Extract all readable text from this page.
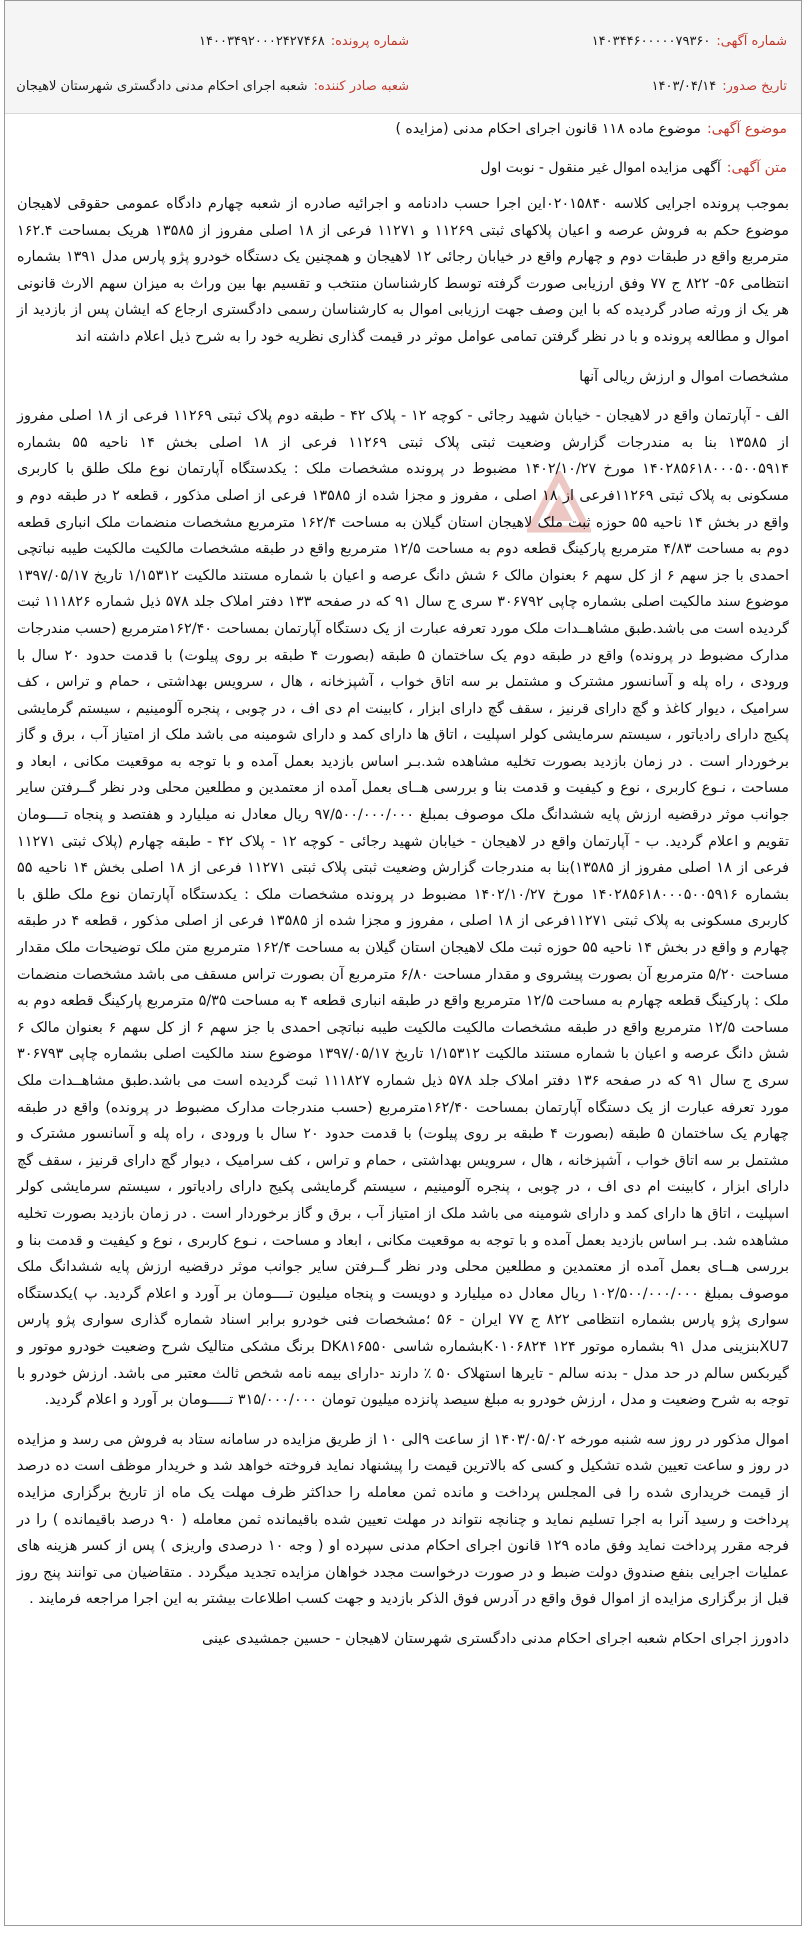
شماره آگهی:۱۴۰۳۴۴۶۰۰۰۰۰۷۹۳۶۰
شماره پرونده:۱۴۰۰۳۴۹۲۰۰۰۲۴۲۷۴۶۸
تاریخ صدور:۱۴۰۳/۰۴/۱۴
شعبه صادر کننده:شعبه اجرای احکام مدنی دادگستری شهرستان لاهیجان
موضوع آگهی:موضوع ماده ۱۱۸ قانون اجرای احکام مدنی (مزایده )
متن آگهی:آگهی مزایده اموال غیر منقول - نوبت اول

بموجب پرونده اجرایی کلاسه ۰۲۰۱۵۸۴۰این اجرا حسب دادنامه و اجرائیه صادره از شعبه چهارم دادگاه عمومی حقوقی لاهیجان موضوع حکم به فروش عرصه و اعیان پلاکهای ثبتی ۱۱۲۶۹ و ۱۱۲۷۱ فرعی از ۱۸ اصلی مفروز از ۱۳۵۸۵ هریک بمساحت ۱۶۲.۴ مترمربع واقع در طبقات دوم و چهارم واقع در خیابان رجائی ۱۲ لاهیجان و همچنین یک دستگاه خودرو پژو پارس مدل ۱۳۹۱ بشماره انتظامی ۵۶- ۸۲۲ ج ۷۷ وفق ارزیابی صورت گرفته توسط کارشناسان منتخب و تقسیم بها بین وراث به میزان سهم الارث قانونی هر یک از ورثه صادر گردیده که با این وصف جهت ارزیابی اموال به کارشناسان رسمی دادگستری ارجاع که ایشان پس از بازدید از اموال و مطالعه پرونده و با در نظر گرفتن تمامی عوامل موثر در قیمت گذاری نظریه خود را به شرح ذیل اعلام داشته اند

مشخصات اموال و ارزش ریالی آنها

الف - آپارتمان واقع در لاهیجان - خیابان شهید رجائی - کوچه ۱۲ - پلاک ۴۲ - طبقه دوم پلاک ثبتی ۱۱۲۶۹ فرعی از ۱۸ اصلی مفروز از ۱۳۵۸۵ بنا به مندرجات گزارش وضعیت ثبتی پلاک ثبتی ۱۱۲۶۹ فرعی از ۱۸ اصلی بخش ۱۴ ناحیه ۵۵ بشماره ۱۴۰۲۸۵۶۱۸۰۰۰۵۰۰۵۹۱۴ مورخ ۱۴۰۲/۱۰/۲۷ مضبوط در پرونده مشخصات ملک : یکدستگاه آپارتمان نوع ملک طلق با کاربری مسکونی به پلاک ثبتی ۱۱۲۶۹فرعی از ۱۸ اصلی ، مفروز و مجزا شده از ۱۳۵۸۵ فرعی از اصلی مذکور ، قطعه ۲ در طبقه دوم و واقع در بخش ۱۴ ناحیه ۵۵ حوزه ثبت ملک لاهیجان استان گیلان به مساحت ۱۶۲/۴ مترمربع مشخصات منضمات ملک انباری قطعه دوم به مساحت ۴/۸۳ مترمربع پارکینگ قطعه دوم به مساحت ۱۲/۵ مترمربع واقع در طبقه مشخصات مالکیت مالکیت طیبه نباتچی احمدی با جز سهم ۶ از کل سهم ۶ بعنوان مالک ۶ شش دانگ عرصه و اعیان با شماره مستند مالکیت ۱/۱۵۳۱۲ تاریخ ۱۳۹۷/۰۵/۱۷ موضوع سند مالکیت اصلی بشماره چاپی ۳۰۶۷۹۲ سری ج سال ۹۱ که در صفحه ۱۳۳ دفتر املاک جلد ۵۷۸ ذیل شماره ۱۱۱۸۲۶ ثبت گردیده است می باشد.طبق مشاهــدات ملک مورد تعرفه عبارت از یک دستگاه آپارتمان بمساحت ۱۶۲/۴۰مترمربع (حسب مندرجات مدارک مضبوط در پرونده) واقع در طبقه دوم یک ساختمان ۵ طبقه (بصورت ۴ طبقه بر روی پیلوت) با قدمت حدود ۲۰ سال با ورودی ، راه پله و آسانسور مشترک و مشتمل بر سه اتاق خواب ، آشپزخانه ، هال ، سرویس بهداشتی ، حمام و تراس ، کف سرامیک ، دیوار کاغذ و گچ دارای قرنیز ، سقف گچ دارای ابزار ، کابینت ام دی اف ، در چوبی ، پنجره آلومینیم ، سیستم گرمایشی پکیج دارای رادیاتور ، سیستم سرمایشی کولر اسپلیت ، اتاق ها دارای کمد و دارای شومینه می باشد ملک از امتیاز آب ، برق و گاز برخوردار است . در زمان بازدید بصورت تخلیه مشاهده شد.بـر اساس بازدید بعمل آمده و با توجه به موقعیت مکانی ، ابعاد و مساحت ، نـوع کاربری ، نوع و کیفیت و قدمت بنا و بررسی هــای بعمل آمده از معتمدین و مطلعین محلی ودر نظر گــرفتن سایر جوانب موثر درقضیه ارزش پایه ششدانگ ملک موصوف بمبلغ ۹۷/۵۰۰/۰۰۰/۰۰۰ ریال معادل نه میلیارد و هفتصد و پنجاه تــــومان تقویم و اعلام گردید. ب - آپارتمان واقع در لاهیجان - خیابان شهید رجائی - کوچه ۱۲ - پلاک ۴۲ - طبقه چهارم (پلاک ثبتی ۱۱۲۷۱ فرعی از ۱۸ اصلی مفروز از ۱۳۵۸۵)بنا به مندرجات گزارش وضعیت ثبتی پلاک ثبتی ۱۱۲۷۱ فرعی از ۱۸ اصلی بخش ۱۴ ناحیه ۵۵ بشماره ۱۴۰۲۸۵۶۱۸۰۰۰۵۰۰۵۹۱۶ مورخ ۱۴۰۲/۱۰/۲۷ مضبوط در پرونده مشخصات ملک : یکدستگاه آپارتمان نوع ملک طلق با کاربری مسکونی به پلاک ثبتی ۱۱۲۷۱فرعی از ۱۸ اصلی ، مفروز و مجزا شده از ۱۳۵۸۵ فرعی از اصلی مذکور ، قطعه ۴ در طبقه چهارم و واقع در بخش ۱۴ ناحیه ۵۵ حوزه ثبت ملک لاهیجان استان گیلان به مساحت ۱۶۲/۴ مترمربع متن ملک توضیحات ملک مقدار مساحت ۵/۲۰ مترمربع آن بصورت پیشروی و مقدار مساحت ۶/۸۰ مترمربع آن بصورت تراس مسقف می باشد مشخصات منضمات ملک : پارکینگ قطعه چهارم به مساحت ۱۲/۵ مترمربع واقع در طبقه انباری قطعه ۴ به مساحت ۵/۳۵ مترمربع پارکینگ قطعه دوم به مساحت ۱۲/۵ مترمربع واقع در طبقه مشخصات مالکیت مالکیت طیبه نباتچی احمدی با جز سهم ۶ از کل سهم ۶ بعنوان مالک ۶ شش دانگ عرصه و اعیان با شماره مستند مالکیت ۱/۱۵۳۱۲ تاریخ ۱۳۹۷/۰۵/۱۷ موضوع سند مالکیت اصلی بشماره چاپی ۳۰۶۷۹۳ سری ج سال ۹۱ که در صفحه ۱۳۶ دفتر املاک جلد ۵۷۸ ذیل شماره ۱۱۱۸۲۷ ثبت گردیده است می باشد.طبق مشاهــدات ملک مورد تعرفه عبارت از یک دستگاه آپارتمان بمساحت ۱۶۲/۴۰مترمربع (حسب مندرجات مدارک مضبوط در پرونده) واقع در طبقه چهارم یک ساختمان ۵ طبقه (بصورت ۴ طبقه بر روی پیلوت) با قدمت حدود ۲۰ سال با ورودی ، راه پله و آسانسور مشترک و مشتمل بر سه اتاق خواب ، آشپزخانه ، هال ، سرویس بهداشتی ، حمام و تراس ، کف سرامیک ، دیوار گچ دارای قرنیز ، سقف گچ دارای ابزار ، کابینت ام دی اف ، در چوبی ، پنجره آلومینیم ، سیستم گرمایشی پکیج دارای رادیاتور ، سیستم سرمایشی کولر اسپلیت ، اتاق ها دارای کمد و دارای شومینه می باشد ملک از امتیاز آب ، برق و گاز برخوردار است . در زمان بازدید بصورت تخلیه مشاهده شد. بـر اساس بازدید بعمل آمده و با توجه به موقعیت مکانی ، ابعاد و مساحت ، نـوع کاربری ، نوع و کیفیت و قدمت بنا و بررسی هــای بعمل آمده از معتمدین و مطلعین محلی ودر نظر گــرفتن سایر جوانب موثر درقضیه ارزش پایه ششدانگ ملک موصوف بمبلغ ۱۰۲/۵۰۰/۰۰۰/۰۰۰ ریال معادل ده میلیارد و دویست و پنجاه میلیون تــــومان بر آورد و اعلام گردید. پ )یکدستگاه سواری پژو پارس بشماره انتظامی ۸۲۲ ج ۷۷ ایران - ۵۶ ؛مشخصات فنی خودرو برابر اسناد شماره گذاری سواری پژو پارس XU7بنزینی مدل ۹۱ بشماره موتور ۱۲۴ K۰۱۰۶۸۲۴بشماره شاسی DK۸۱۶۵۵۰ برنگ مشکی متالیک شرح وضعیت خودرو موتور و گیربکس سالم در حد مدل - بدنه سالم - تایرها استهلاک ۵۰ ٪ دارند -دارای بیمه نامه شخص ثالث معتبر می باشد. ارزش خودرو با توجه به شرح وضعیت و مدل ، ارزش خودرو به مبلغ سیصد پانزده میلیون تومان ۳۱۵/۰۰۰/۰۰۰ تـــــومان بر آورد و اعلام گردید.

اموال مذکور در روز سه شنبه مورخه ۱۴۰۳/۰۵/۰۲ از ساعت ۹الی ۱۰ از طریق مزایده در سامانه ستاد به فروش می رسد و مزایده در روز و ساعت تعیین شده تشکیل و کسی که بالاترین قیمت را پیشنهاد نماید فروخته خواهد شد و خریدار موظف است ده درصد از قیمت خریداری شده را فی المجلس پرداخت و مانده ثمن معامله را حداکثر ظرف مهلت یک ماه از تاریخ برگزاری مزایده پرداخت و رسید آنرا به اجرا تسلیم نماید و چنانچه نتواند در مهلت تعیین شده باقیمانده ثمن معامله ( ۹۰ درصد باقیمانده ) را در فرجه مقرر پرداخت نماید وفق ماده ۱۲۹ قانون اجرای احکام مدنی سپرده او ( وجه ۱۰ درصدی واریزی ) پس از کسر هزینه های عملیات اجرایی بنفع صندوق دولت ضبط و در صورت درخواست مجدد خواهان مزایده تجدید میگردد . متقاضیان می توانند پنج روز قبل از برگزاری مزایده از اموال فوق واقع در آدرس فوق الذکر بازدید و جهت کسب اطلاعات بیشتر به این اجرا مراجعه فرمایند .

دادورز اجرای احکام شعبه اجرای احکام مدنی دادگستری شهرستان لاهیجان - حسین جمشیدی عینی
